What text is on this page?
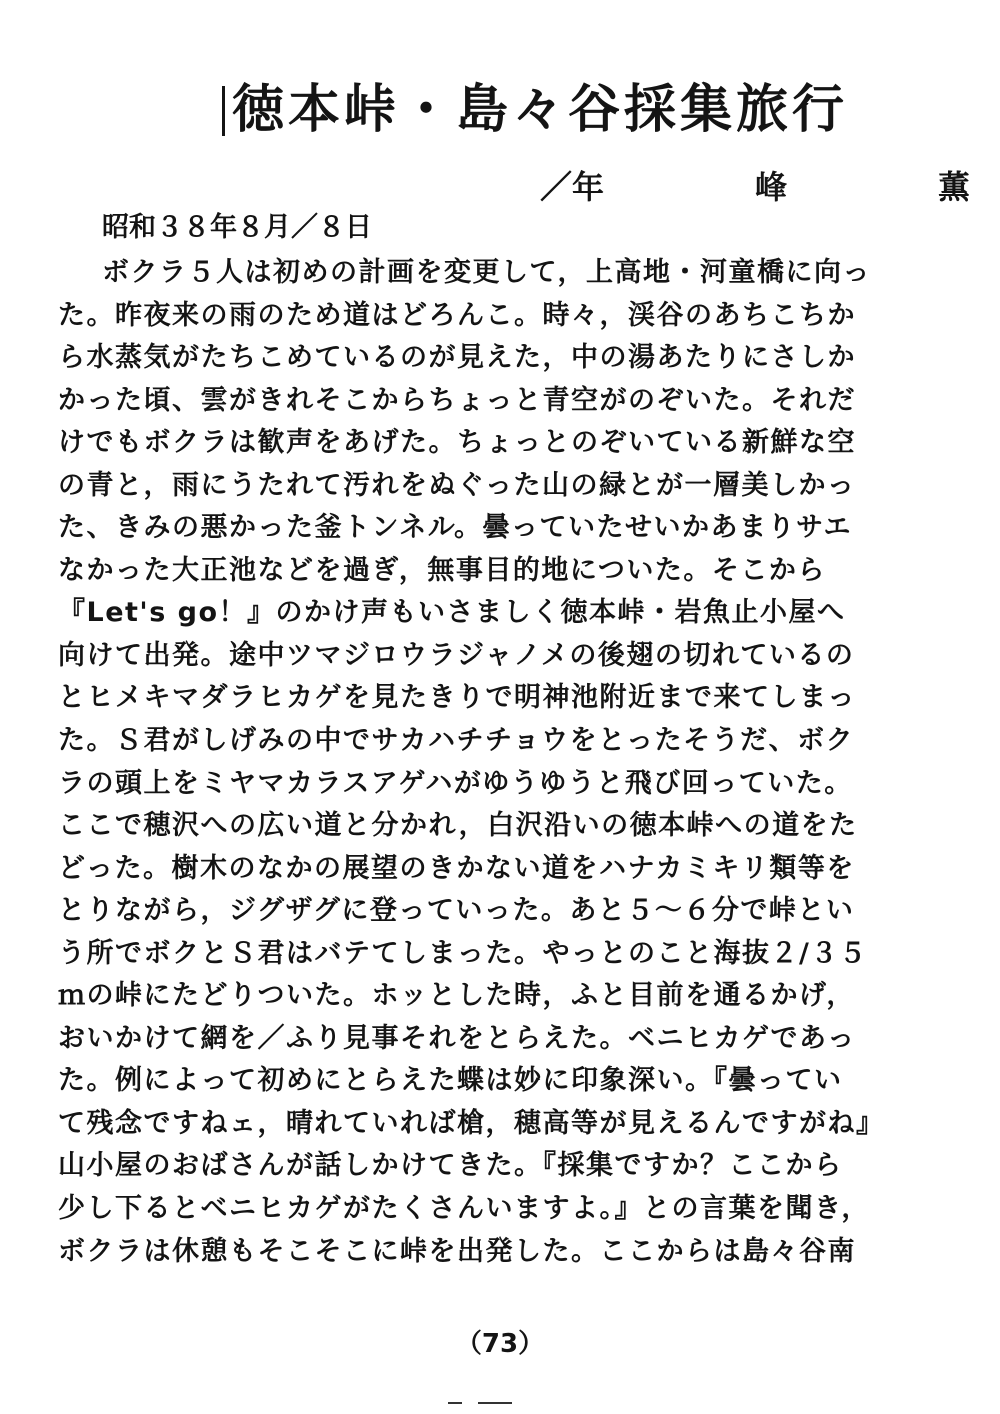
徳本峠・島々谷採集旅行
／年	峰	薫
昭和３８年８月／８日
ボクラ５人は初めの計画を変更して，上高地・河童橋に向っ
た。昨夜来の雨のため道はどろんこ。時々，渓谷のあちこちか
ら水蒸気がたちこめているのが見えた，中の湯あたりにさしか
かった頃、雲がきれそこからちょっと青空がのぞいた。それだ
けでもボクラは歓声をあげた。ちょっとのぞいている新鮮な空
の青と，雨にうたれて汚れをぬぐった山の緑とが一層美しかっ
た、きみの悪かった釜トンネル。曇っていたせいかあまりサエ
なかった大正池などを過ぎ，無事目的地についた。そこから
『Let's go！』のかけ声もいさましく徳本峠・岩魚止小屋へ
向けて出発。途中ツマジロウラジャノメの後翅の切れているの
とヒメキマダラヒカゲを見たきりで明神池附近まで来てしまっ
た。Ｓ君がしげみの中でサカハチチョウをとったそうだ、ボク
ラの頭上をミヤマカラスアゲハがゆうゆうと飛び回っていた。
ここで穂沢への広い道と分かれ，白沢沿いの徳本峠への道をた
どった。樹木のなかの展望のきかない道をハナカミキリ類等を
とりながら，ジグザグに登っていった。あと５～６分で峠とい
う所でボクとＳ君はバテてしまった。やっとのこと海抜２/３５
ｍの峠にたどりついた。ホッとした時，ふと目前を通るかげ，
おいかけて網を／ふり見事それをとらえた。ベニヒカゲであっ
た。例によって初めにとらえた蝶は妙に印象深い。『曇ってい
て残念ですねェ，晴れていれば槍，穂高等が見えるんですがね』
山小屋のおばさんが話しかけてきた。『採集ですか？ここから
少し下るとベニヒカゲがたくさんいますよ。』との言葉を聞き，
ボクラは休憩もそこそこに峠を出発した。ここからは島々谷南
（73）
